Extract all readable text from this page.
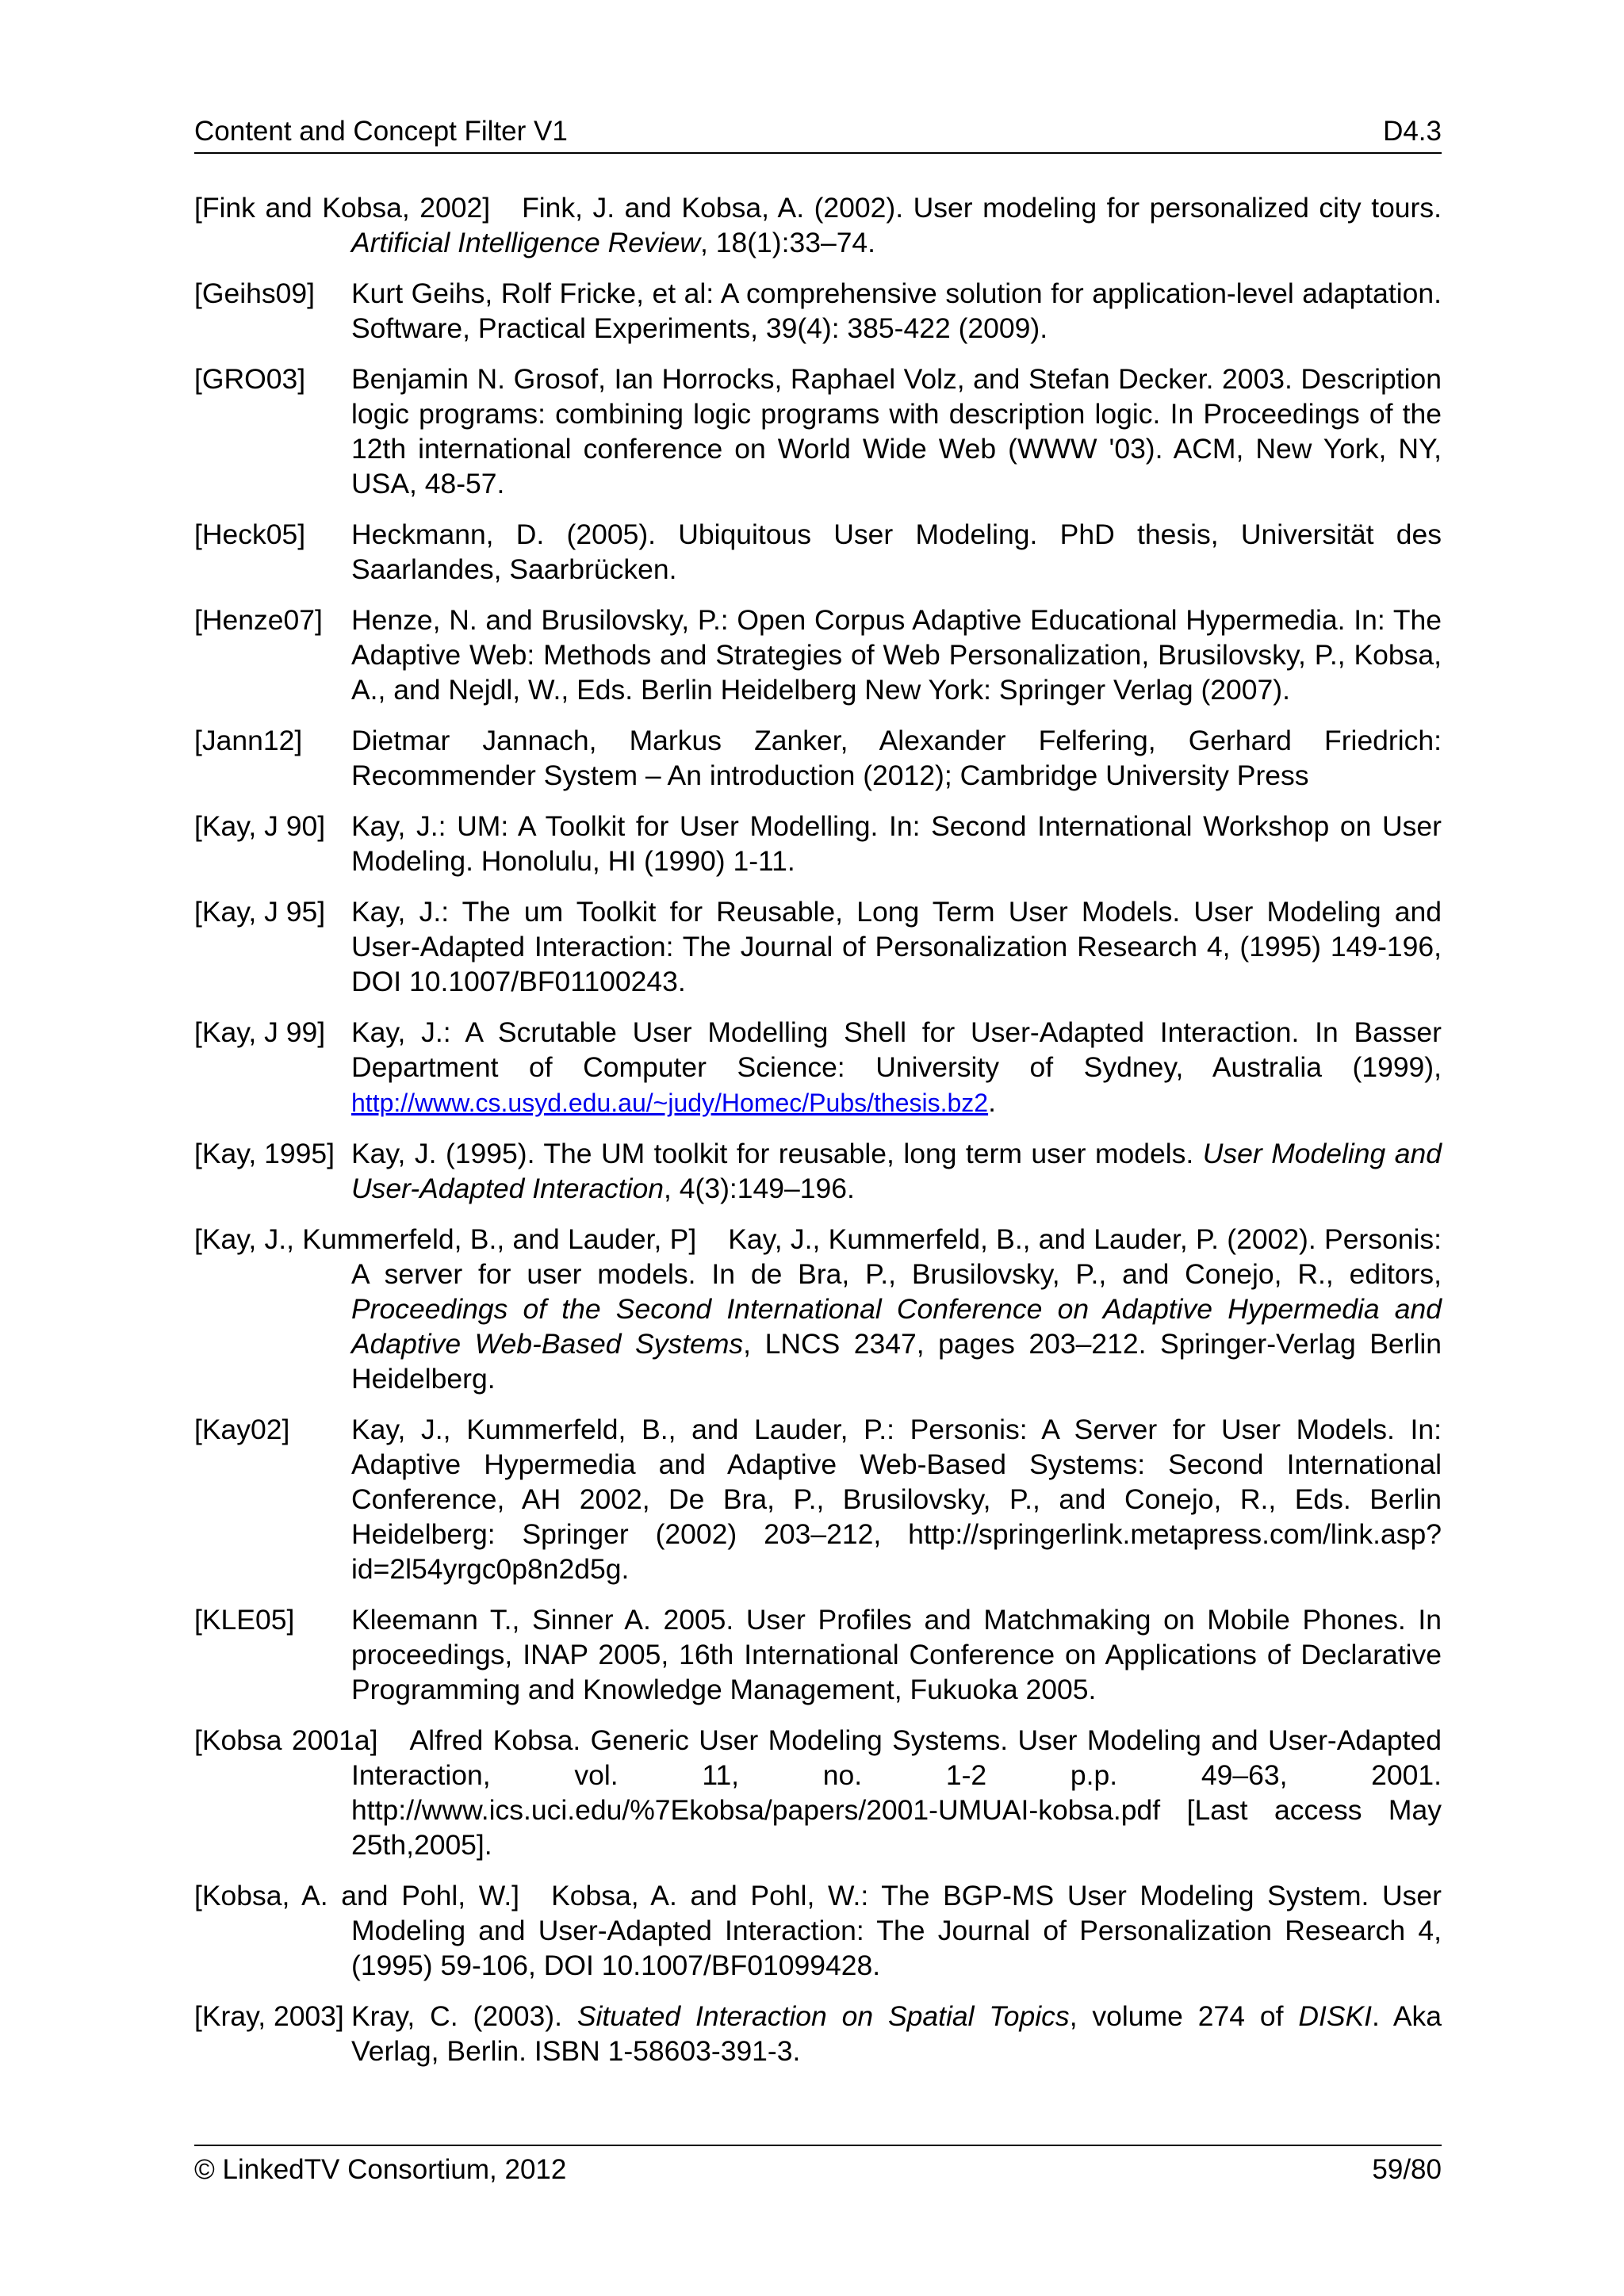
Content and Concept Filter V1	D4.3
[Fink and Kobsa, 2002] Fink, J. and Kobsa, A. (2002). User modeling for personalized city tours. Artificial Intelligence Review, 18(1):33–74.
[Geihs09] Kurt Geihs, Rolf Fricke, et al: A comprehensive solution for application-level adaptation. Software, Practical Experiments, 39(4): 385-422 (2009).
[GRO03] Benjamin N. Grosof, Ian Horrocks, Raphael Volz, and Stefan Decker. 2003. Description logic programs: combining logic programs with description logic. In Proceedings of the 12th international conference on World Wide Web (WWW '03). ACM, New York, NY, USA, 48-57.
[Heck05] Heckmann, D. (2005). Ubiquitous User Modeling. PhD thesis, Universität des Saarlandes, Saarbrücken.
[Henze07] Henze, N. and Brusilovsky, P.: Open Corpus Adaptive Educational Hypermedia. In: The Adaptive Web: Methods and Strategies of Web Personalization, Brusilovsky, P., Kobsa, A., and Nejdl, W., Eds. Berlin Heidelberg New York: Springer Verlag (2007).
[Jann12] Dietmar Jannach, Markus Zanker, Alexander Felfering, Gerhard Friedrich: Recommender System – An introduction (2012); Cambridge University Press
[Kay, J 90] Kay, J.: UM: A Toolkit for User Modelling. In: Second International Workshop on User Modeling. Honolulu, HI (1990) 1-11.
[Kay, J 95] Kay, J.: The um Toolkit for Reusable, Long Term User Models. User Modeling and User-Adapted Interaction: The Journal of Personalization Research 4, (1995) 149-196, DOI 10.1007/BF01100243.
[Kay, J 99] Kay, J.: A Scrutable User Modelling Shell for User-Adapted Interaction. In Basser Department of Computer Science: University of Sydney, Australia (1999), http://www.cs.usyd.edu.au/~judy/Homec/Pubs/thesis.bz2.
[Kay, 1995] Kay, J. (1995). The UM toolkit for reusable, long term user models. User Modeling and User-Adapted Interaction, 4(3):149–196.
[Kay, J., Kummerfeld, B., and Lauder, P] Kay, J., Kummerfeld, B., and Lauder, P. (2002). Personis: A server for user models. In de Bra, P., Brusilovsky, P., and Conejo, R., editors, Proceedings of the Second International Conference on Adaptive Hypermedia and Adaptive Web-Based Systems, LNCS 2347, pages 203–212. Springer-Verlag Berlin Heidelberg.
[Kay02] Kay, J., Kummerfeld, B., and Lauder, P.: Personis: A Server for User Models. In: Adaptive Hypermedia and Adaptive Web-Based Systems: Second International Conference, AH 2002, De Bra, P., Brusilovsky, P., and Conejo, R., Eds. Berlin Heidelberg: Springer (2002) 203–212, http://springerlink.metapress.com/link.asp?id=2l54yrgc0p8n2d5g.
[KLE05] Kleemann T., Sinner A. 2005. User Profiles and Matchmaking on Mobile Phones. In proceedings, INAP 2005, 16th International Conference on Applications of Declarative Programming and Knowledge Management, Fukuoka 2005.
[Kobsa 2001a] Alfred Kobsa. Generic User Modeling Systems. User Modeling and User-Adapted Interaction, vol. 11, no. 1-2 p.p. 49–63, 2001. http://www.ics.uci.edu/%7Ekobsa/papers/2001-UMUAI-kobsa.pdf [Last access May 25th,2005].
[Kobsa, A. and Pohl, W.] Kobsa, A. and Pohl, W.: The BGP-MS User Modeling System. User Modeling and User-Adapted Interaction: The Journal of Personalization Research 4, (1995) 59-106, DOI 10.1007/BF01099428.
[Kray, 2003] Kray, C. (2003). Situated Interaction on Spatial Topics, volume 274 of DISKI. Aka Verlag, Berlin. ISBN 1-58603-391-3.
© LinkedTV Consortium, 2012	59/80
